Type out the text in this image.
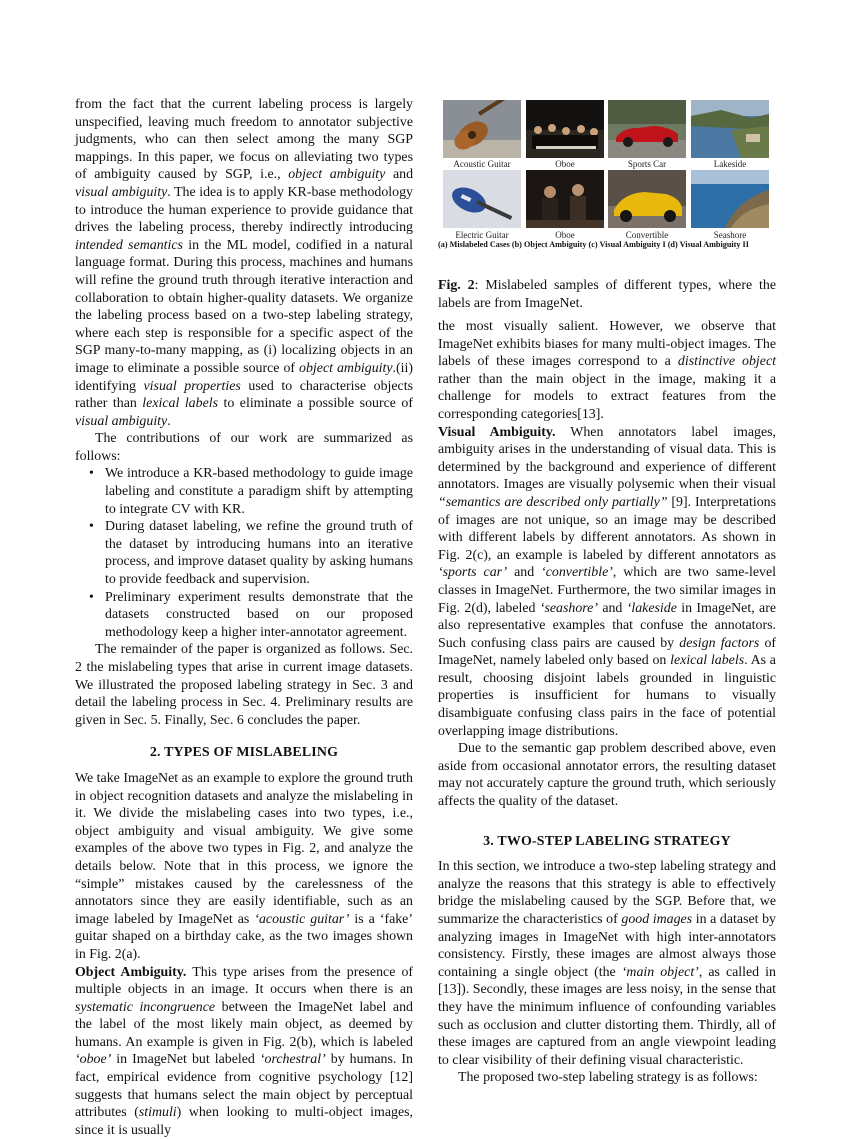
Acoustic Guitar	Oboe	Sports Car	Lakeside
Electric Guitar	Oboe	Convertible	Seashore
(a) Mislabeled Cases (b) Object Ambiguity (c) Visual Ambiguity I (d) Visual Ambiguity II
Fig. 2: Mislabeled samples of different types, where the labels are from ImageNet.

from the fact that the current labeling process is largely unspecified, leaving much freedom to annotator subjective judgments, who can then select among the many SGP mappings. In this paper, we focus on alleviating two types of ambiguity caused by SGP, i.e., object ambiguity and visual ambiguity. The idea is to apply KR-base methodology to introduce the human experience to provide guidance that drives the labeling process, thereby indirectly introducing intended semantics in the ML model, codified in a natural language format. During this process, machines and humans will refine the ground truth through iterative interaction and collaboration to obtain higher-quality datasets. We organize the labeling process based on a two-step labeling strategy, where each step is responsible for a specific aspect of the SGP many-to-many mapping, as (i) localizing objects in an image to eliminate a possible source of object ambiguity.(ii) identifying visual properties used to characterise objects rather than lexical labels to eliminate a possible source of visual ambiguity.

The contributions of our work are summarized as follows:

• We introduce a KR-based methodology to guide image labeling and constitute a paradigm shift by attempting to integrate CV with KR.
• During dataset labeling, we refine the ground truth of the dataset by introducing humans into an iterative process, and improve dataset quality by asking humans to provide feedback and supervision.
• Preliminary experiment results demonstrate that the datasets constructed based on our proposed methodology keep a higher inter-annotator agreement.

The remainder of the paper is organized as follows. Sec. 2 the mislabeling types that arise in current image datasets. We illustrated the proposed labeling strategy in Sec. 3 and detail the labeling process in Sec. 4. Preliminary results are given in Sec. 5. Finally, Sec. 6 concludes the paper.

2. TYPES OF MISLABELING

We take ImageNet as an example to explore the ground truth in object recognition datasets and analyze the mislabeling in it. We divide the mislabeling cases into two types, i.e., object ambiguity and visual ambiguity. We give some examples of the above two types in Fig. 2, and analyze the details below. Note that in this process, we ignore the “simple” mistakes caused by the carelessness of the annotators since they are easily identifiable, such as an image labeled by ImageNet as ‘acoustic guitar’ is a ‘fake’ guitar shaped on a birthday cake, as the two images shown in Fig. 2(a).

Object Ambiguity. This type arises from the presence of multiple objects in an image. It occurs when there is an systematic incongruence between the ImageNet label and the label of the most likely main object, as deemed by humans. An example is given in Fig. 2(b), which is labeled ‘oboe’ in ImageNet but labeled ‘orchestral’ by humans. In fact, empirical evidence from cognitive psychology [12] suggests that humans select the main object by perceptual attributes (stimuli) when looking to multi-object images, since it is usually

the most visually salient. However, we observe that ImageNet exhibits biases for many multi-object images. The labels of these images correspond to a distinctive object rather than the main object in the image, making it a challenge for models to extract features from the corresponding categories[13].

Visual Ambiguity. When annotators label images, ambiguity arises in the understanding of visual data. This is determined by the background and experience of different annotators. Images are visually polysemic when their visual “semantics are described only partially” [9]. Interpretations of images are not unique, so an image may be described with different labels by different annotators. As shown in Fig. 2(c), an example is labeled by different annotators as ‘sports car’ and ‘convertible’, which are two same-level classes in ImageNet. Furthermore, the two similar images in Fig. 2(d), labeled ‘seashore’ and ‘lakeside in ImageNet, are also representative examples that confuse the annotators. Such confusing class pairs are caused by design factors of ImageNet, namely labeled only based on lexical labels. As a result, choosing disjoint labels grounded in linguistic properties is insufficient for humans to visually disambiguate confusing class pairs in the face of potential overlapping image distributions.

Due to the semantic gap problem described above, even aside from occasional annotator errors, the resulting dataset may not accurately capture the ground truth, which seriously affects the quality of the dataset.

3. TWO-STEP LABELING STRATEGY

In this section, we introduce a two-step labeling strategy and analyze the reasons that this strategy is able to effectively bridge the mislabeling caused by the SGP. Before that, we summarize the characteristics of good images in a dataset by analyzing images in ImageNet with high inter-annotators consistency. Firstly, these images are almost always those containing a single object (the ‘main object’, as called in [13]). Secondly, these images are less noisy, in the sense that they have the minimum influence of confounding variables such as occlusion and clutter distorting them. Thirdly, all of these images are captured from an angle viewpoint leading to clear visibility of their defining visual characteristic.

The proposed two-step labeling strategy is as follows:
